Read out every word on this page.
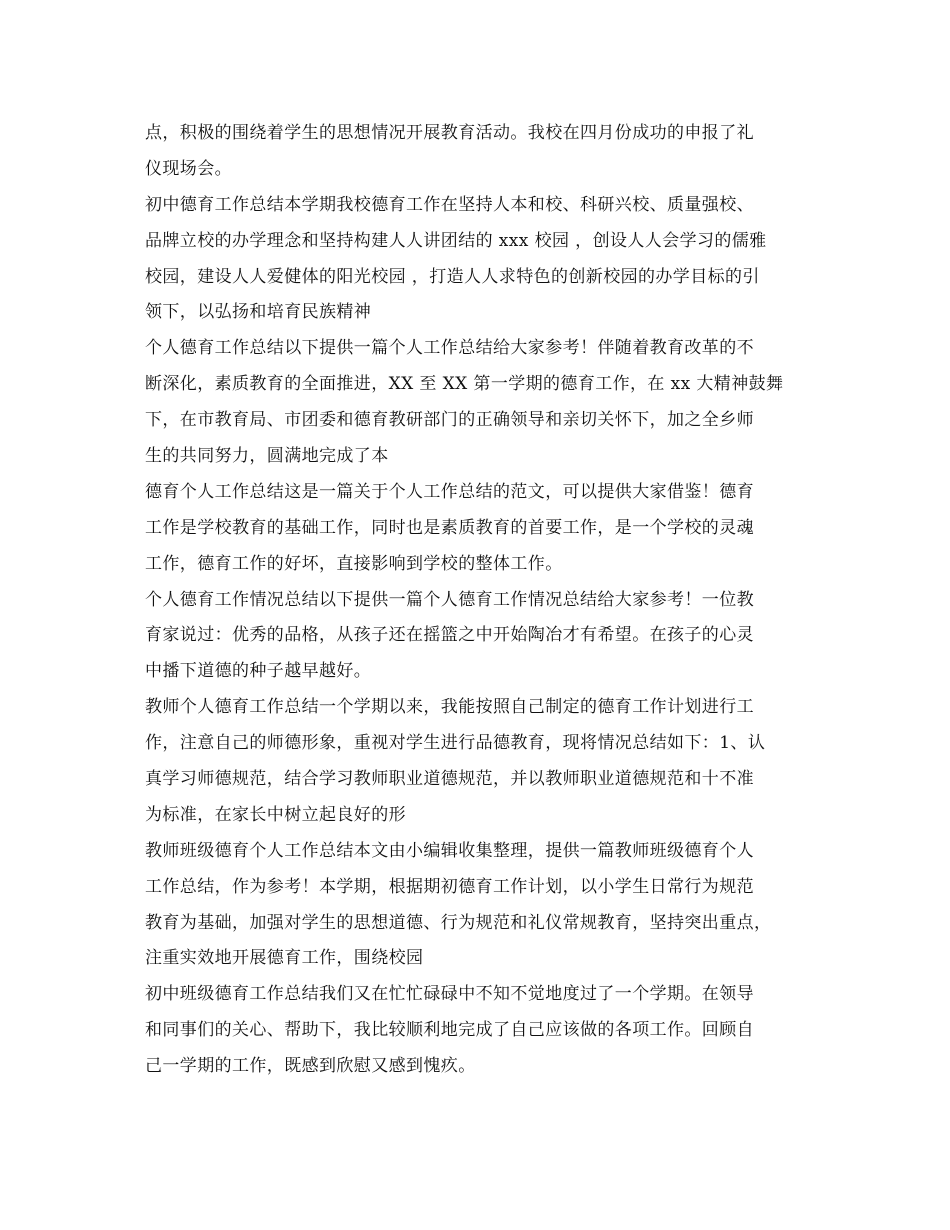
点，积极的围绕着学生的思想情况开展教育活动。我校在四月份成功的申报了礼
仪现场会。
初中德育工作总结本学期我校德育工作在坚持人本和校、科研兴校、质量强校、
品牌立校的办学理念和坚持构建人人讲团结的 xxx 校园 ，创设人人会学习的儒雅
校园，建设人人爱健体的阳光校园 ，打造人人求特色的创新校园的办学目标的引
领下，以弘扬和培育民族精神
个人德育工作总结以下提供一篇个人工作总结给大家参考！伴随着教育改革的不
断深化，素质教育的全面推进，XX 至 XX 第一学期的德育工作，在 xx 大精神鼓舞
下，在市教育局、市团委和德育教研部门的正确领导和亲切关怀下，加之全乡师
生的共同努力，圆满地完成了本
德育个人工作总结这是一篇关于个人工作总结的范文，可以提供大家借鉴！德育
工作是学校教育的基础工作，同时也是素质教育的首要工作，是一个学校的灵魂
工作，德育工作的好坏，直接影响到学校的整体工作。
个人德育工作情况总结以下提供一篇个人德育工作情况总结给大家参考！一位教
育家说过：优秀的品格，从孩子还在摇篮之中开始陶冶才有希望。在孩子的心灵
中播下道德的种子越早越好。
教师个人德育工作总结一个学期以来，我能按照自己制定的德育工作计划进行工
作，注意自己的师德形象，重视对学生进行品德教育，现将情况总结如下：1、认
真学习师德规范，结合学习教师职业道德规范，并以教师职业道德规范和十不准
为标准，在家长中树立起良好的形
教师班级德育个人工作总结本文由小编辑收集整理，提供一篇教师班级德育个人
工作总结，作为参考！本学期，根据期初德育工作计划，以小学生日常行为规范
教育为基础，加强对学生的思想道德、行为规范和礼仪常规教育，坚持突出重点，
注重实效地开展德育工作，围绕校园
初中班级德育工作总结我们又在忙忙碌碌中不知不觉地度过了一个学期。在领导
和同事们的关心、帮助下，我比较顺利地完成了自己应该做的各项工作。回顾自
己一学期的工作，既感到欣慰又感到愧疚。
